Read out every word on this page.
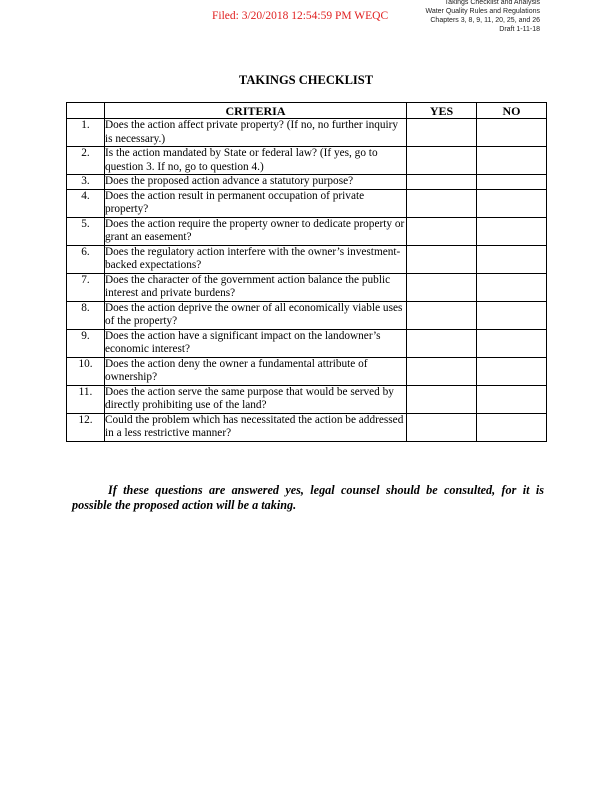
Filed: 3/20/2018 12:54:59 PM WEQC
Takings Checklist and Analysis
Water Quality Rules and Regulations
Chapters 3, 8, 9, 11, 20, 25, and 26
Draft 1-11-18
TAKINGS CHECKLIST
	CRITERIA	YES	NO
1.	Does the action affect private property? (If no, no further inquiry is necessary.)		
2.	Is the action mandated by State or federal law? (If yes, go to question 3. If no, go to question 4.)		
3.	Does the proposed action advance a statutory purpose?		
4.	Does the action result in permanent occupation of private property?		
5.	Does the action require the property owner to dedicate property or grant an easement?		
6.	Does the regulatory action interfere with the owner’s investment-backed expectations?		
7.	Does the character of the government action balance the public interest and private burdens?		
8.	Does the action deprive the owner of all economically viable uses of the property?		
9.	Does the action have a significant impact on the landowner’s economic interest?		
10.	Does the action deny the owner a fundamental attribute of ownership?		
11.	Does the action serve the same purpose that would be served by directly prohibiting use of the land?		
12.	Could the problem which has necessitated the action be addressed in a less restrictive manner?		
If these questions are answered yes, legal counsel should be consulted, for it is possible the proposed action will be a taking.
